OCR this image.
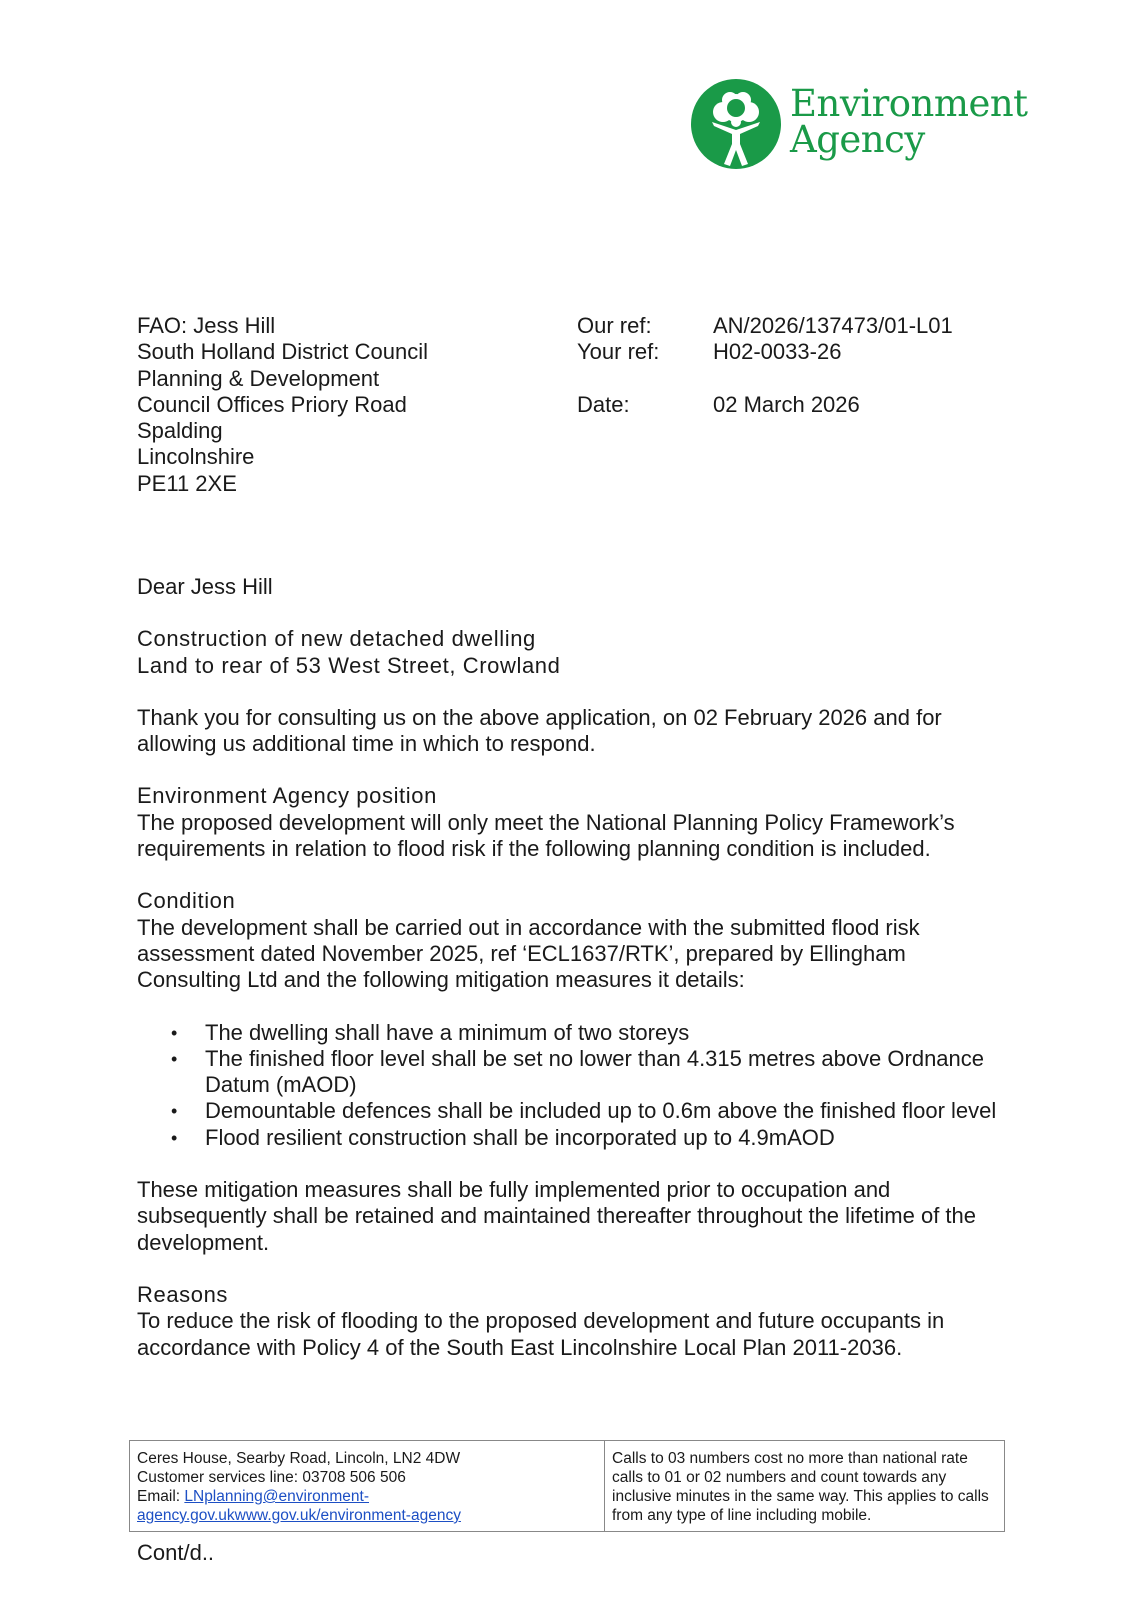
Environment
Agency
FAO: Jess Hill
South Holland District Council
Planning & Development
Council Offices Priory Road
Spalding
Lincolnshire
PE11 2XE
Our ref:	AN/2026/137473/01-L01
Your ref:	H02-0033-26
Date:	02 March 2026

Dear Jess Hill

Construction of new detached dwelling

Land to rear of 53 West Street, Crowland

Thank you for consulting us on the above application, on 02 February 2026 and for allowing us additional time in which to respond.

Environment Agency position

The proposed development will only meet the National Planning Policy Framework’s requirements in relation to flood risk if the following planning condition is included.

Condition

The development shall be carried out in accordance with the submitted flood risk assessment dated November 2025, ref ‘ECL1637/RTK’, prepared by Ellingham Consulting Ltd and the following mitigation measures it details:

• The dwelling shall have a minimum of two storeys
• The finished floor level shall be set no lower than 4.315 metres above Ordnance Datum (mAOD)
• Demountable defences shall be included up to 0.6m above the finished floor level
• Flood resilient construction shall be incorporated up to 4.9mAOD

These mitigation measures shall be fully implemented prior to occupation and subsequently shall be retained and maintained thereafter throughout the lifetime of the development.

Reasons

To reduce the risk of flooding to the proposed development and future occupants in accordance with Policy 4 of the South East Lincolnshire Local Plan 2011-2036.

Ceres House, Searby Road, Lincoln, LN2 4DW
Customer services line: 03708 506 506
Email: LNplanning@environment-
agency.gov.ukwww.gov.uk/environment-agency
Calls to 03 numbers cost no more than national rate calls to 01 or 02 numbers and count towards any inclusive minutes in the same way. This applies to calls from any type of line including mobile.
Cont/d..
